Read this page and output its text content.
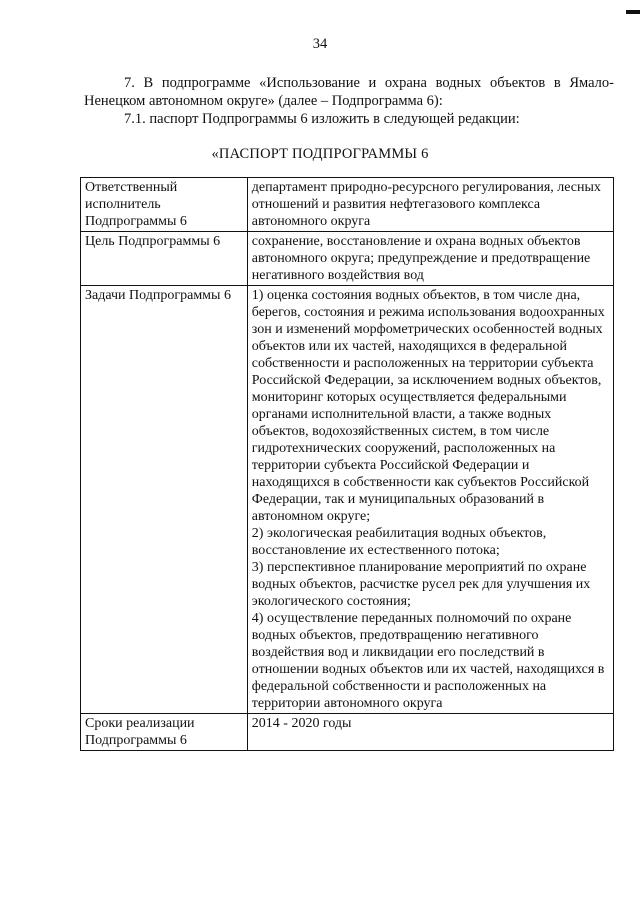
34
7. В подпрограмме «Использование и охрана водных объектов в Ямало-Ненецком автономном округе» (далее – Подпрограмма 6):
7.1. паспорт Подпрограммы 6 изложить в следующей редакции:
«ПАСПОРТ ПОДПРОГРАММЫ 6
Ответственный исполнитель Подпрограммы 6	департамент природно-ресурсного регулирования, лесных отношений и развития нефтегазового комплекса автономного округа
Цель Подпрограммы 6	сохранение, восстановление и охрана водных объектов автономного округа; предупреждение и предотвращение негативного воздействия вод
Задачи Подпрограммы 6	1) оценка состояния водных объектов, в том числе дна, берегов, состояния и режима использования водоохранных зон и изменений морфометрических особенностей водных объектов или их частей, находящихся в федеральной собственности и расположенных на территории субъекта Российской Федерации, за исключением водных объектов, мониторинг которых осуществляется федеральными органами исполнительной власти, а также водных объектов, водохозяйственных систем, в том числе гидротехнических сооружений, расположенных на территории субъекта Российской Федерации и находящихся в собственности как субъектов Российской Федерации, так и муниципальных образований в автономном округе;
2) экологическая реабилитация водных объектов, восстановление их естественного потока;
3) перспективное планирование мероприятий по охране водных объектов, расчистке русел рек для улучшения их экологического состояния;
4) осуществление переданных полномочий по охране водных объектов, предотвращению негативного воздействия вод и ликвидации его последствий в отношении водных объектов или их частей, находящихся в федеральной собственности и расположенных на территории автономного округа

Сроки реализации Подпрограммы 6	2014 - 2020 годы
